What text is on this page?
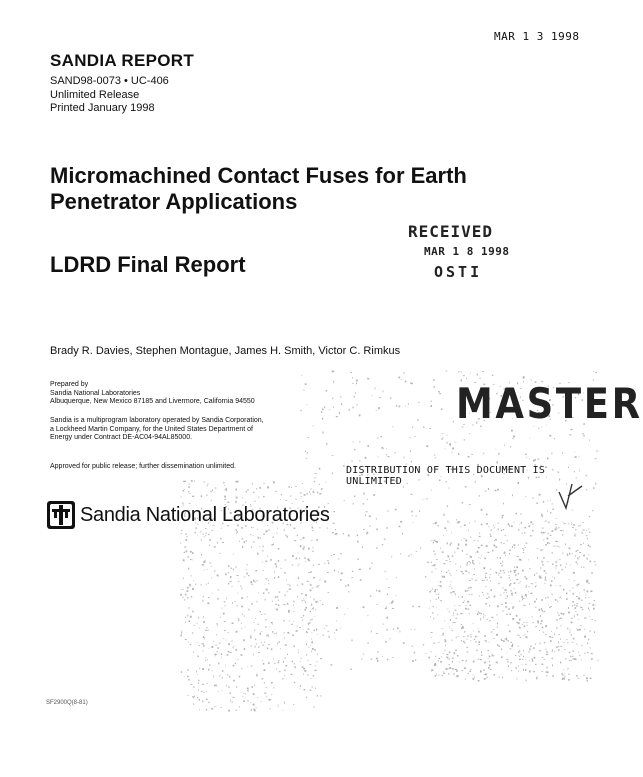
MAR 1 3 1998
SANDIA REPORT
SAND98-0073 • UC-406
Unlimited Release
Printed January 1998
Micromachined Contact Fuses for Earth
Penetrator Applications
LDRD Final Report
RECEIVED
MAR 1 8 1998
OSTI
Brady R. Davies, Stephen Montague, James H. Smith, Victor C. Rimkus
Prepared by
Sandia National Laboratories
Albuquerque, New Mexico 87185 and Livermore, California 94550
Sandia is a multiprogram laboratory operated by Sandia Corporation,
a Lockheed Martin Company, for the United States Department of
Energy under Contract DE-AC04-94AL85000.
Approved for public release; further dissemination unlimited.
MASTER
DISTRIBUTION OF THIS DOCUMENT IS UNLIMITED
Sandia National Laboratories
SF2900Q(8-81)
